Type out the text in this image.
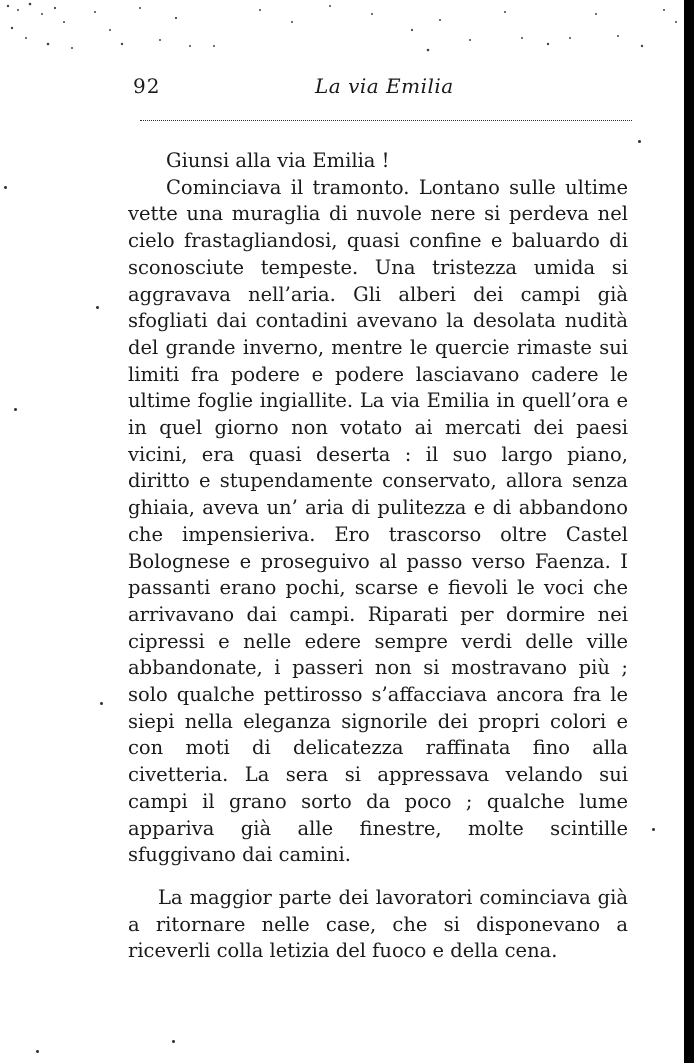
92	La via Emilia

Giunsi alla via Emilia !

Cominciava il tramonto. Lontano sulle ultime vette una muraglia di nuvole nere si perdeva nel cielo frastagliandosi, quasi confine e baluardo di sconosciute tempeste. Una tristezza umida si aggravava nell’aria. Gli alberi dei campi già sfogliati dai contadini avevano la desolata nudità del grande inverno, mentre le quercie rimaste sui limiti fra podere e podere lasciavano cadere le ultime foglie ingiallite. La via Emilia in quell’ora e in quel giorno non votato ai mercati dei paesi vicini, era quasi deserta : il suo largo piano, diritto e stupendamente conservato, allora senza ghiaia, aveva un’ aria di pulitezza e di abbandono che impensieriva. Ero trascorso oltre Castel Bolognese e proseguivo al passo verso Faenza. I passanti erano pochi, scarse e fievoli le voci che arrivavano dai campi. Riparati per dormire nei cipressi e nelle edere sempre verdi delle ville abbandonate, i passeri non si mostravano più ; solo qualche pettirosso s’affacciava ancora fra le siepi nella eleganza signorile dei propri colori e con moti di delicatezza raffinata fino alla civetteria. La sera si appressava velando sui campi il grano sorto da poco ; qualche lume appariva già alle finestre, molte scintille sfuggivano dai camini.

La maggior parte dei lavoratori cominciava già a ritornare nelle case, che si disponevano a riceverli colla letizia del fuoco e della cena.
